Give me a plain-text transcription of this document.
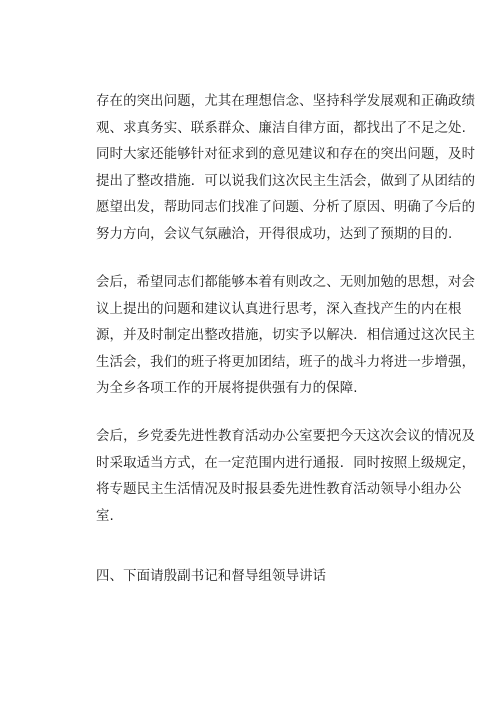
存在的突出问题，尤其在理想信念、坚持科学发展观和正确政绩
观、求真务实、联系群众、廉洁自律方面，都找出了不足之处.
同时大家还能够针对征求到的意见建议和存在的突出问题，及时
提出了整改措施．可以说我们这次民主生活会，做到了从团结的
愿望出发，帮助同志们找准了问题、分析了原因、明确了今后的
努力方向，会议气氛融洽，开得很成功，达到了预期的目的.
会后，希望同志们都能够本着有则改之、无则加勉的思想，对会
议上提出的问题和建议认真进行思考，深入查找产生的内在根
源，并及时制定出整改措施，切实予以解决．相信通过这次民主
生活会，我们的班子将更加团结，班子的战斗力将进一步增强，
为全乡各项工作的开展将提供强有力的保障.
会后，乡党委先进性教育活动办公室要把今天这次会议的情况及
时采取适当方式，在一定范围内进行通报．同时按照上级规定，
将专题民主生活情况及时报县委先进性教育活动领导小组办公
室.
四、下面请殷副书记和督导组领导讲话
